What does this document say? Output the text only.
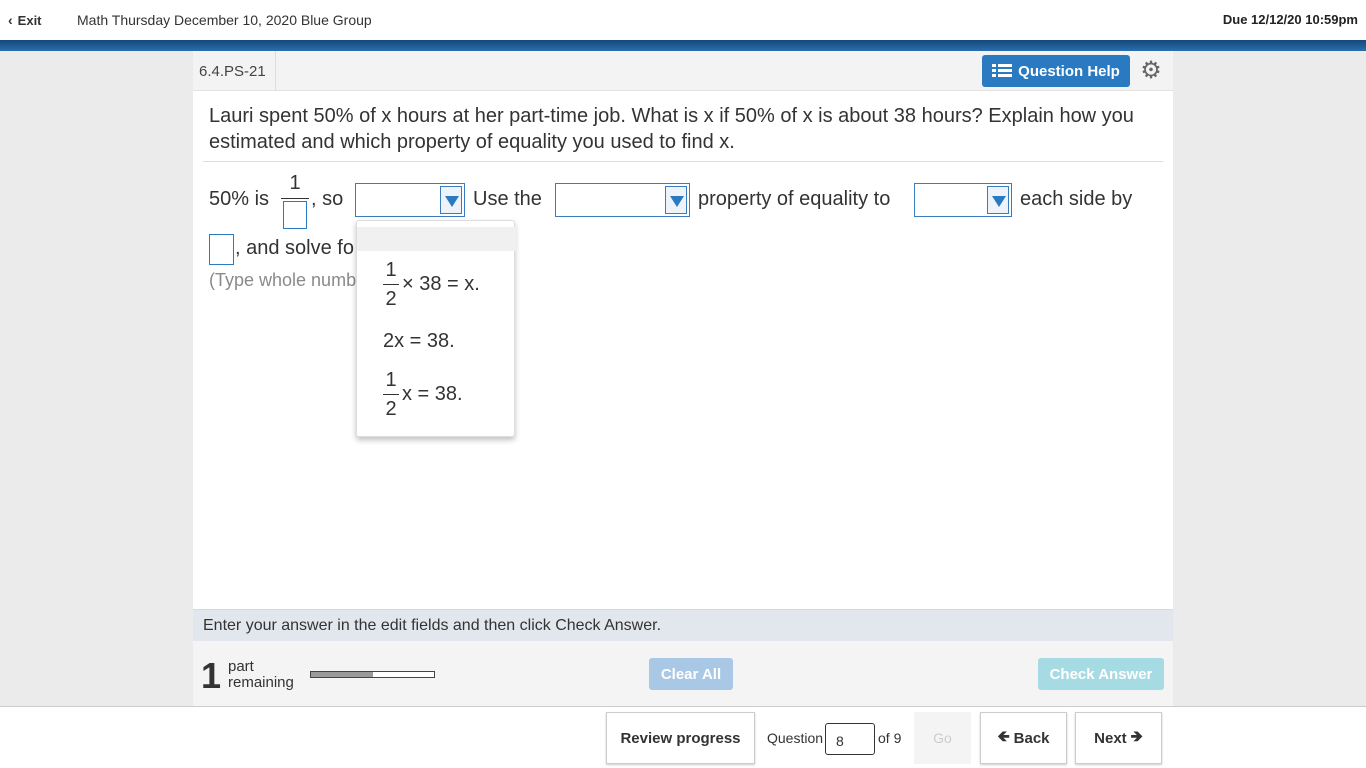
‹ Exit	Math Thursday December 10, 2020 Blue Group	Due 12/12/20 10:59pm
6.4.PS-21	Question Help ⚙
Lauri spent 50% of x hours at her part-time job. What is x if 50% of x is about 38 hours? Explain how you estimated and which property of equality you used to find x.
50% is
1
, so	Use the	property of equality to	each side by
, and solve fo
(Type whole numb 1
2
× 38 = x.
2x = 38.
1
2
x = 38.
Enter your answer in the edit fields and then click Check Answer.
1 part
remaining	Clear All	Check Answer
Review progress	Question 8	of 9	Go	🡸 Back	Next 🡺
